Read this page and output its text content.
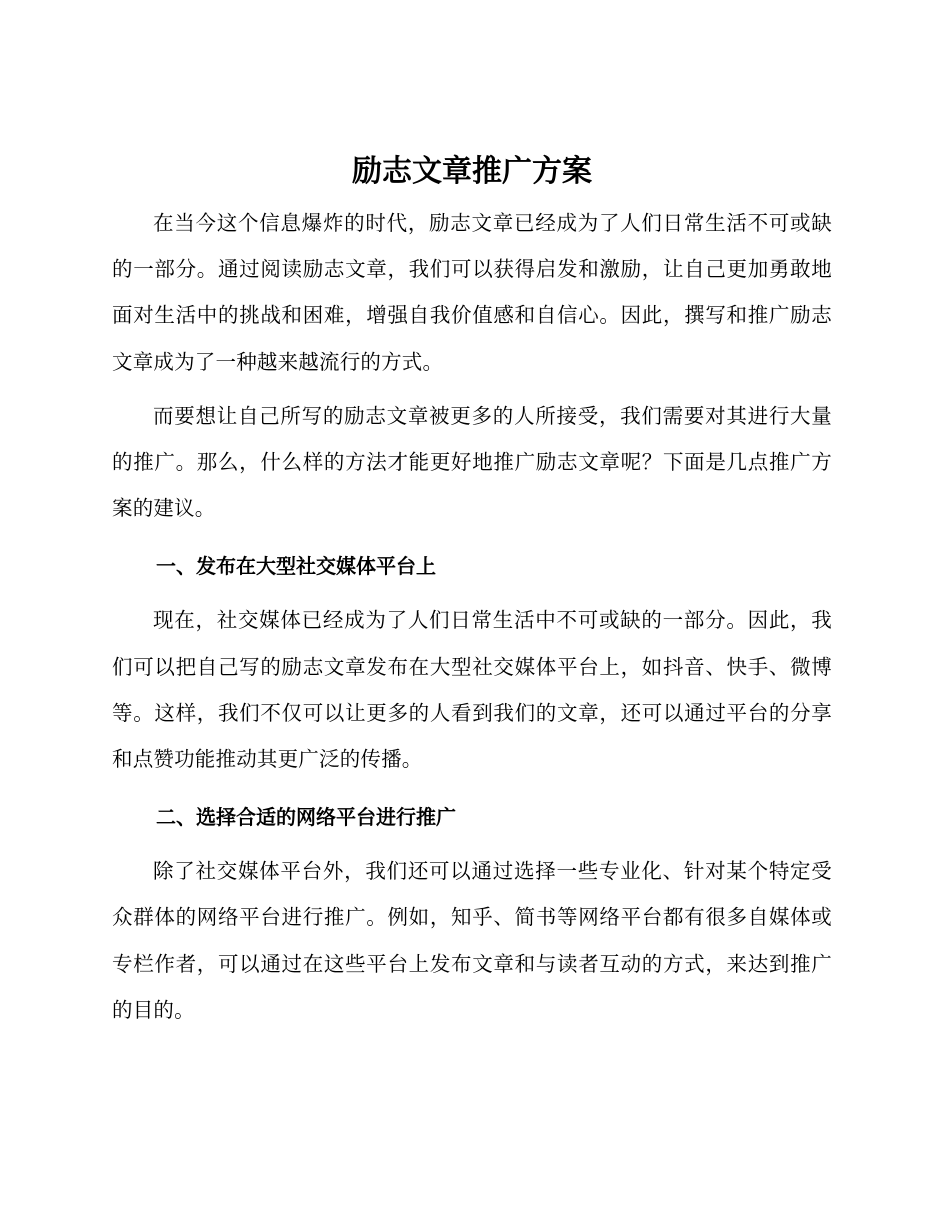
励志文章推广方案

在当今这个信息爆炸的时代，励志文章已经成为了人们日常生活不可或缺的一部分。通过阅读励志文章，我们可以获得启发和激励，让自己更加勇敢地面对生活中的挑战和困难，增强自我价值感和自信心。因此，撰写和推广励志文章成为了一种越来越流行的方式。

而要想让自己所写的励志文章被更多的人所接受，我们需要对其进行大量的推广。那么，什么样的方法才能更好地推广励志文章呢？下面是几点推广方案的建议。

一、发布在大型社交媒体平台上

现在，社交媒体已经成为了人们日常生活中不可或缺的一部分。因此，我们可以把自己写的励志文章发布在大型社交媒体平台上，如抖音、快手、微博等。这样，我们不仅可以让更多的人看到我们的文章，还可以通过平台的分享和点赞功能推动其更广泛的传播。

二、选择合适的网络平台进行推广

除了社交媒体平台外，我们还可以通过选择一些专业化、针对某个特定受众群体的网络平台进行推广。例如，知乎、简书等网络平台都有很多自媒体或专栏作者，可以通过在这些平台上发布文章和与读者互动的方式，来达到推广的目的。
